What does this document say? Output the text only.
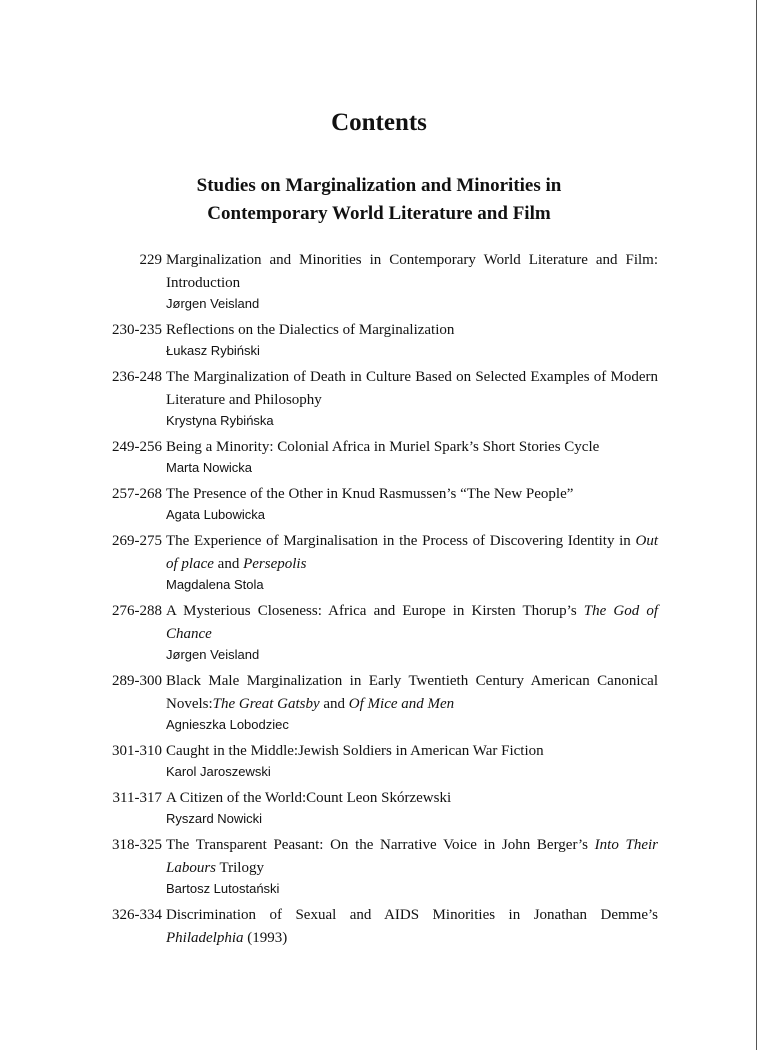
Contents
Studies on Marginalization and Minorities in
Contemporary World Literature and Film
229 Marginalization and Minorities in Contemporary World Literature and Film: Introduction
Jørgen Veisland
230-235 Reflections on the Dialectics of Marginalization
Łukasz Rybiński
236-248 The Marginalization of Death in Culture Based on Selected Examples of Modern Literature and Philosophy
Krystyna Rybińska
249-256 Being a Minority: Colonial Africa in Muriel Spark’s Short Stories Cycle
Marta Nowicka
257-268 The Presence of the Other in Knud Rasmussen’s “The New People”
Agata Lubowicka
269-275 The Experience of Marginalisation in the Process of Discovering Identity in Out of place and Persepolis
Magdalena Stola
276-288 A Mysterious Closeness: Africa and Europe in Kirsten Thorup’s The God of Chance
Jørgen Veisland
289-300 Black Male Marginalization in Early Twentieth Century American Canonical Novels:The Great Gatsby and Of Mice and Men
Agnieszka Lobodziec
301-310 Caught in the Middle:Jewish Soldiers in American War Fiction
Karol Jaroszewski
311-317 A Citizen of the World:Count Leon Skórzewski
Ryszard Nowicki
318-325 The Transparent Peasant: On the Narrative Voice in John Berger’s Into Their Labours Trilogy
Bartosz Lutostański
326-334 Discrimination of Sexual and AIDS Minorities in Jonathan Demme’s Philadelphia (1993)
